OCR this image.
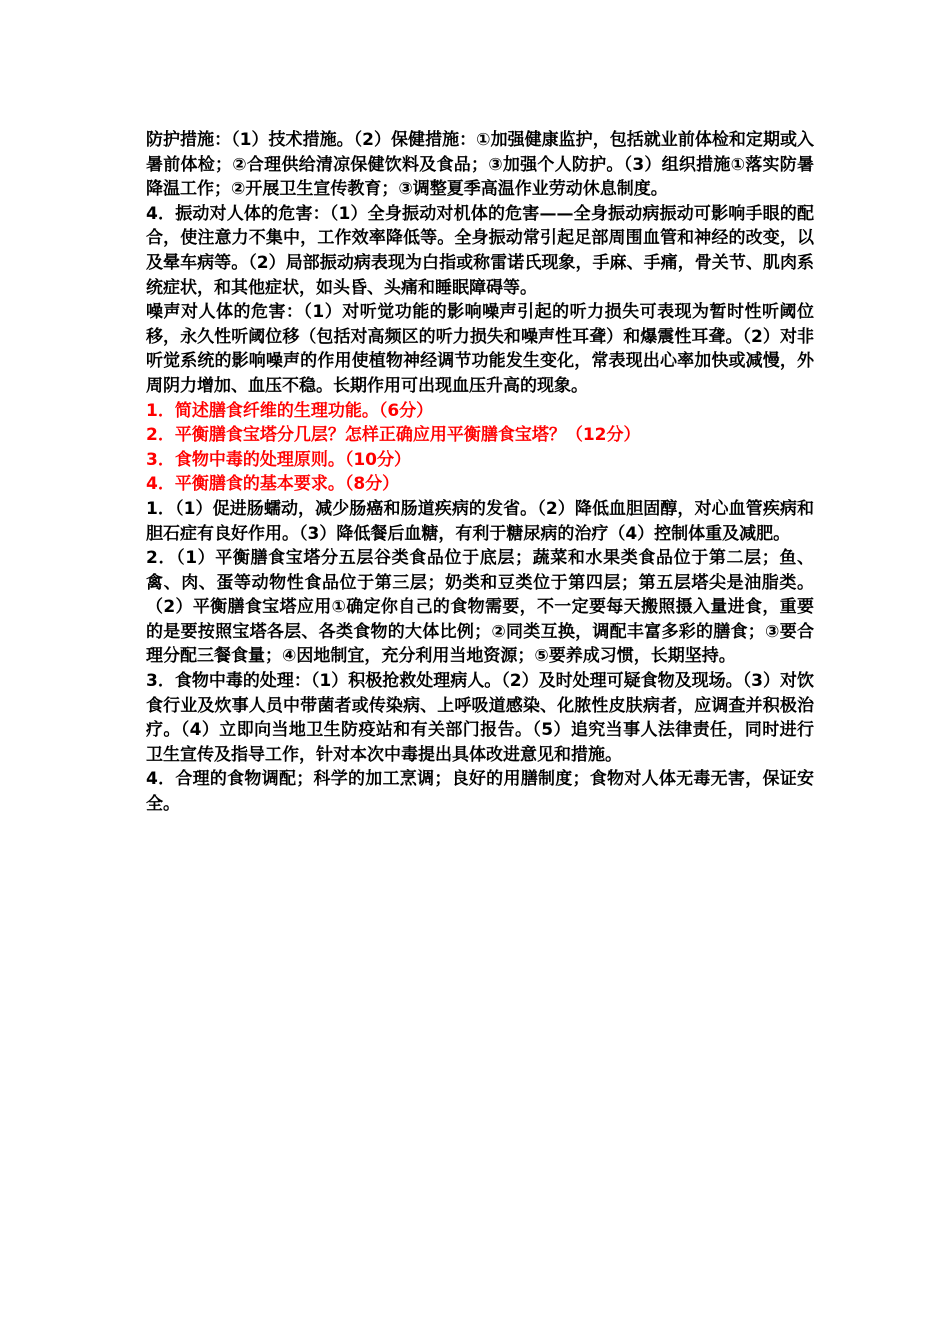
防护措施：（1）技术措施。（2）保健措施：①加强健康监护，包括就业前体检和定期或入暑前体检；②合理供给清凉保健饮料及食品；③加强个人防护。（3）组织措施①落实防暑降温工作；②开展卫生宣传教育；③调整夏季高温作业劳动休息制度。

4．振动对人体的危害：（1）全身振动对机体的危害——全身振动病振动可影响手眼的配合，使注意力不集中，工作效率降低等。全身振动常引起足部周围血管和神经的改变，以及晕车病等。（2）局部振动病表现为白指或称雷诺氏现象，手麻、手痛，骨关节、肌肉系统症状，和其他症状，如头昏、头痛和睡眠障碍等。

噪声对人体的危害：（1）对听觉功能的影响噪声引起的听力损失可表现为暂时性听阈位移，永久性听阈位移（包括对高频区的听力损失和噪声性耳聋）和爆震性耳聋。（2）对非听觉系统的影响噪声的作用使植物神经调节功能发生变化，常表现出心率加快或减慢，外周阴力增加、血压不稳。长期作用可出现血压升高的现象。

1．简述膳食纤维的生理功能。（6分）

2．平衡膳食宝塔分几层？怎样正确应用平衡膳食宝塔？（12分）

3．食物中毒的处理原则。（10分）

4．平衡膳食的基本要求。（8分）

1．（1）促进肠蠕动，减少肠癌和肠道疾病的发省。（2）降低血胆固醇，对心血管疾病和胆石症有良好作用。（3）降低餐后血糖，有利于糖尿病的治疗（4）控制体重及减肥。

2．（1）平衡膳食宝塔分五层谷类食品位于底层；蔬菜和水果类食品位于第二层；鱼、禽、肉、蛋等动物性食品位于第三层；奶类和豆类位于第四层；第五层塔尖是油脂类。（2）平衡膳食宝塔应用①确定你自己的食物需要，不一定要每天搬照摄入量进食，重要的是要按照宝塔各层、各类食物的大体比例；②同类互换，调配丰富多彩的膳食；③要合理分配三餐食量；④因地制宜，充分利用当地资源；⑤要养成习惯，长期坚持。

3．食物中毒的处理：（1）积极抢救处理病人。（2）及时处理可疑食物及现场。（3）对饮食行业及炊事人员中带菌者或传染病、上呼吸道感染、化脓性皮肤病者，应调查并积极治疗。（4）立即向当地卫生防疫站和有关部门报告。（5）追究当事人法律责任，同时进行卫生宣传及指导工作，针对本次中毒提出具体改进意见和措施。

4．合理的食物调配；科学的加工烹调；良好的用膳制度；食物对人体无毒无害，保证安全。
